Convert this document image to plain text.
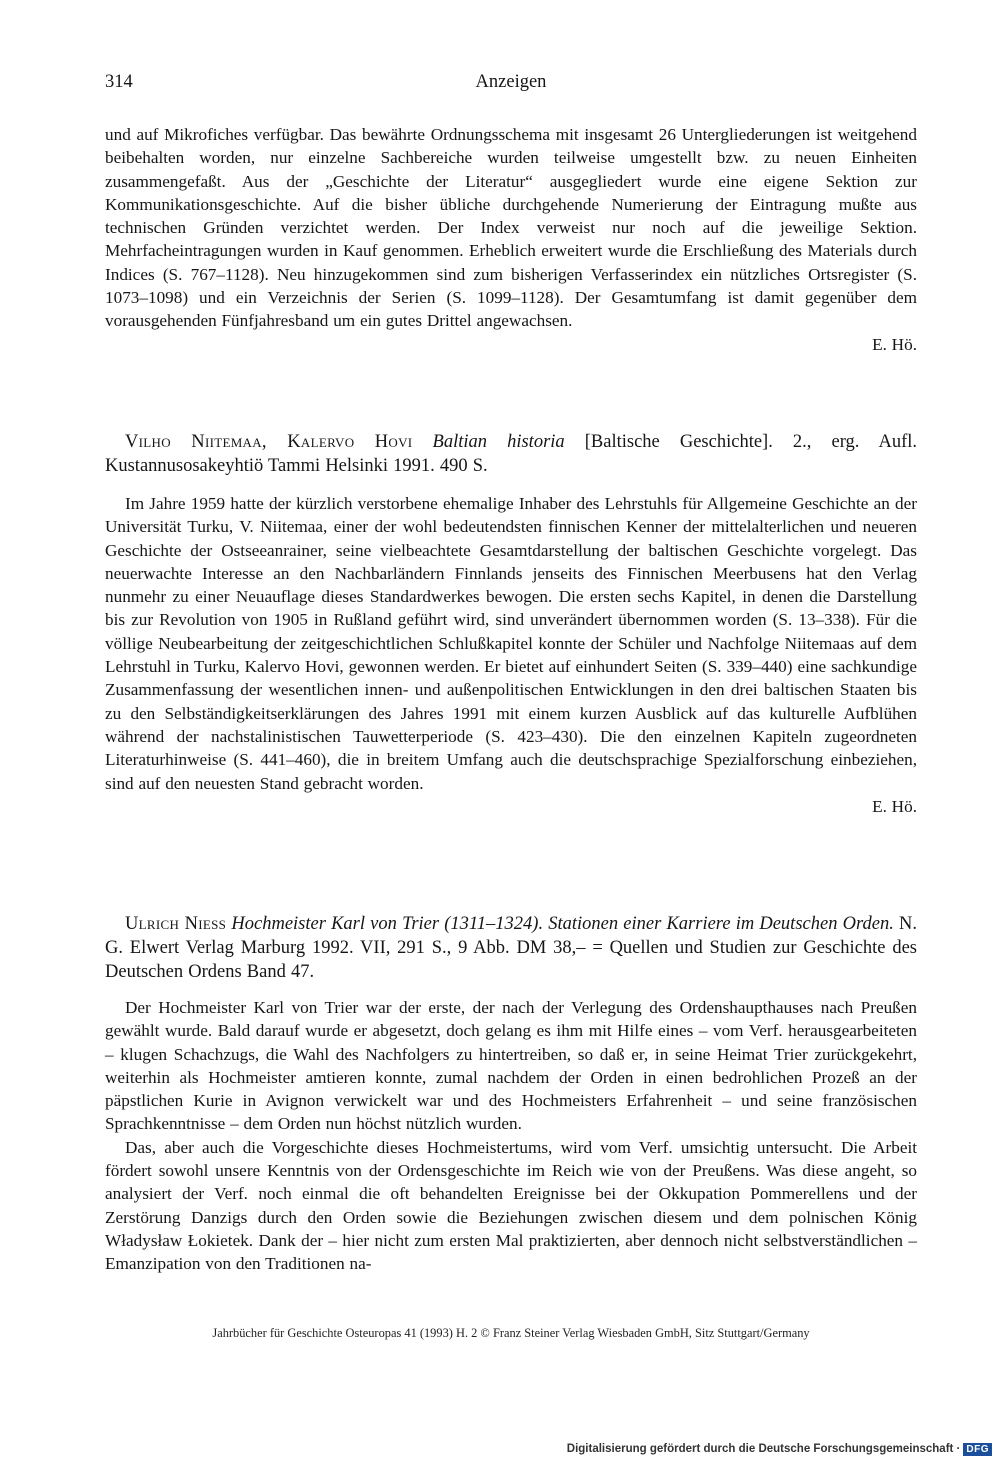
314	Anzeigen

und auf Mikrofiches verfügbar. Das bewährte Ordnungsschema mit insgesamt 26 Untergliederungen ist weitgehend beibehalten worden, nur einzelne Sachbereiche wurden teilweise umgestellt bzw. zu neuen Einheiten zusammengefaßt. Aus der „Geschichte der Literatur“ ausgegliedert wurde eine eigene Sektion zur Kommunikationsgeschichte. Auf die bisher übliche durchgehende Numerierung der Eintragung mußte aus technischen Gründen verzichtet werden. Der Index verweist nur noch auf die jeweilige Sektion. Mehrfacheintragungen wurden in Kauf genommen. Erheblich erweitert wurde die Erschließung des Materials durch Indices (S. 767–1128). Neu hinzugekommen sind zum bisherigen Verfasserindex ein nützliches Ortsregister (S. 1073–1098) und ein Verzeichnis der Serien (S. 1099–1128). Der Gesamtumfang ist damit gegenüber dem vorausgehenden Fünfjahresband um ein gutes Drittel angewachsen.

E. Hö.

Vilho Niitemaa, Kalervo Hovi Baltian historia [Baltische Geschichte]. 2., erg. Aufl. Kustannusosakeyhtiö Tammi Helsinki 1991. 490 S.

Im Jahre 1959 hatte der kürzlich verstorbene ehemalige Inhaber des Lehrstuhls für Allgemeine Geschichte an der Universität Turku, V. Niitemaa, einer der wohl bedeutendsten finnischen Kenner der mittelalterlichen und neueren Geschichte der Ostseeanrainer, seine vielbeachtete Gesamtdarstellung der baltischen Geschichte vorgelegt. Das neuerwachte Interesse an den Nachbarländern Finnlands jenseits des Finnischen Meerbusens hat den Verlag nunmehr zu einer Neuauflage dieses Standardwerkes bewogen. Die ersten sechs Kapitel, in denen die Darstellung bis zur Revolution von 1905 in Rußland geführt wird, sind unverändert übernommen worden (S. 13–338). Für die völlige Neubearbeitung der zeitgeschichtlichen Schlußkapitel konnte der Schüler und Nachfolge Niitemaas auf dem Lehrstuhl in Turku, Kalervo Hovi, gewonnen werden. Er bietet auf einhundert Seiten (S. 339–440) eine sachkundige Zusammenfassung der wesentlichen innen- und außenpolitischen Entwicklungen in den drei baltischen Staaten bis zu den Selbständigkeitserklärungen des Jahres 1991 mit einem kurzen Ausblick auf das kulturelle Aufblühen während der nachstalinistischen Tauwetterperiode (S. 423–430). Die den einzelnen Kapiteln zugeordneten Literaturhinweise (S. 441–460), die in breitem Umfang auch die deutschsprachige Spezialforschung einbeziehen, sind auf den neuesten Stand gebracht worden.

E. Hö.

Ulrich Niess Hochmeister Karl von Trier (1311–1324). Stationen einer Karriere im Deutschen Orden. N. G. Elwert Verlag Marburg 1992. VII, 291 S., 9 Abb. DM 38,– = Quellen und Studien zur Geschichte des Deutschen Ordens Band 47.

Der Hochmeister Karl von Trier war der erste, der nach der Verlegung des Ordenshaupthauses nach Preußen gewählt wurde. Bald darauf wurde er abgesetzt, doch gelang es ihm mit Hilfe eines – vom Verf. herausgearbeiteten – klugen Schachzugs, die Wahl des Nachfolgers zu hintertreiben, so daß er, in seine Heimat Trier zurückgekehrt, weiterhin als Hochmeister amtieren konnte, zumal nachdem der Orden in einen bedrohlichen Prozeß an der päpstlichen Kurie in Avignon verwickelt war und des Hochmeisters Erfahrenheit – und seine französischen Sprachkenntnisse – dem Orden nun höchst nützlich wurden.

Das, aber auch die Vorgeschichte dieses Hochmeistertums, wird vom Verf. umsichtig untersucht. Die Arbeit fördert sowohl unsere Kenntnis von der Ordensgeschichte im Reich wie von der Preußens. Was diese angeht, so analysiert der Verf. noch einmal die oft behandelten Ereignisse bei der Okkupation Pommerellens und der Zerstörung Danzigs durch den Orden sowie die Beziehungen zwischen diesem und dem polnischen König Władysław Łokietek. Dank der – hier nicht zum ersten Mal praktizierten, aber dennoch nicht selbstverständlichen – Emanzipation von den Traditionen na-

Jahrbücher für Geschichte Osteuropas 41 (1993) H. 2 © Franz Steiner Verlag Wiesbaden GmbH, Sitz Stuttgart/Germany
Digitalisierung gefördert durch die Deutsche Forschungsgemeinschaft · DFG
